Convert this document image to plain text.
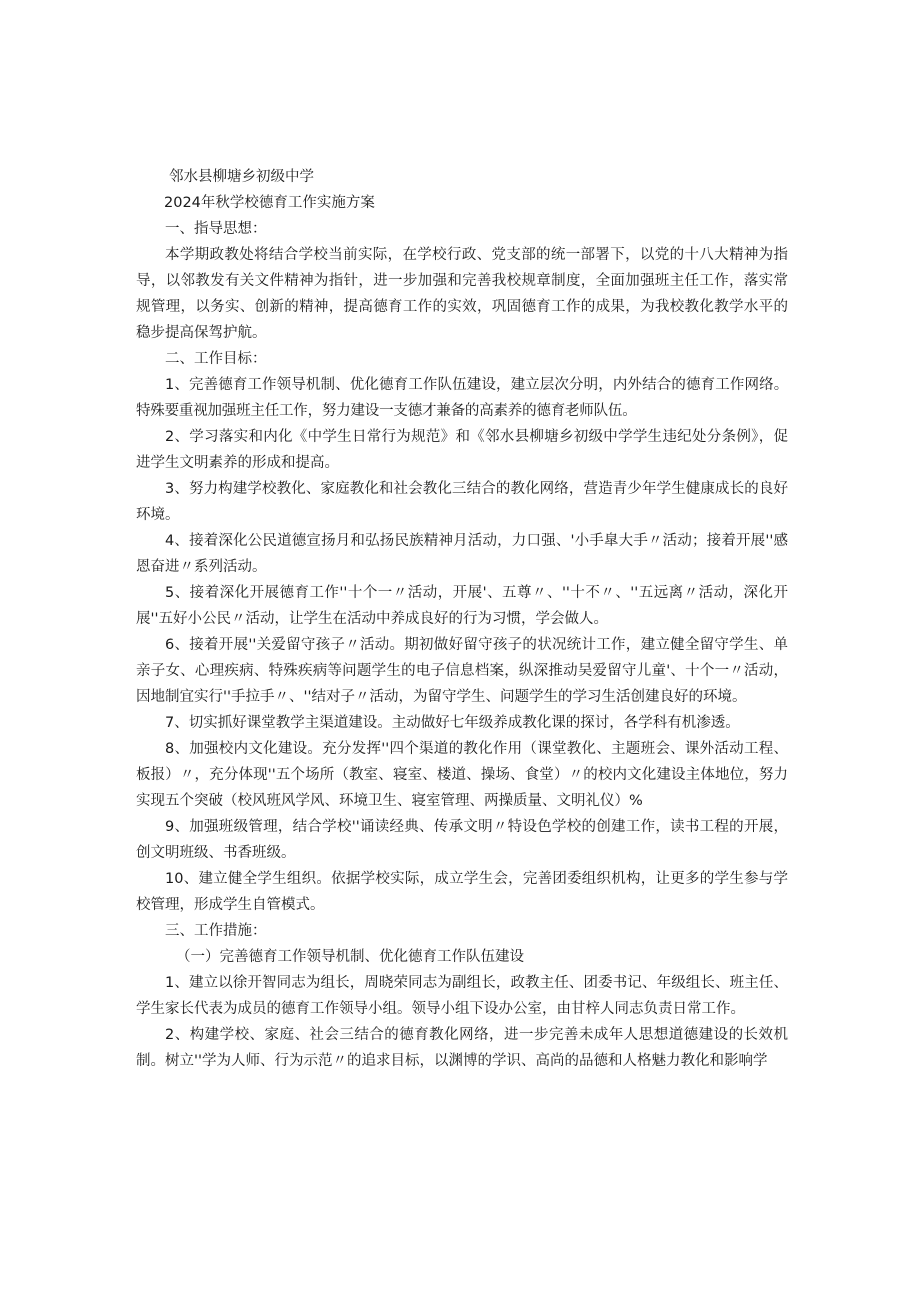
邻水县柳塘乡初级中学

2024年秋学校德育工作实施方案

一、指导思想：

本学期政教处将结合学校当前实际，在学校行政、党支部的统一部署下，以党的十八大精神为指导，以邻教发有关文件精神为指针，进一步加强和完善我校规章制度，全面加强班主任工作，落实常规管理，以务实、创新的精神，提高德育工作的实效，巩固德育工作的成果，为我校教化教学水平的稳步提高保驾护航。

二、工作目标：

1、完善德育工作领导机制、优化德育工作队伍建设，建立层次分明，内外结合的德育工作网络。特殊要重视加强班主任工作，努力建设一支德才兼备的高素养的德育老师队伍。

2、学习落实和内化《中学生日常行为规范》和《邻水县柳塘乡初级中学学生违纪处分条例》，促进学生文明素养的形成和提高。

3、努力构建学校教化、家庭教化和社会教化三结合的教化网络，营造青少年学生健康成长的良好环境。

4、接着深化公民道德宣扬月和弘扬民族精神月活动，力口强、'小手皐大手〃活动；接着开展''感恩奋进〃系列活动。

5、接着深化开展德育工作''十个一〃活动，开展'、五尊〃、''十不〃、''五远离〃活动，深化开展''五好小公民〃活动，让学生在活动中养成良好的行为习惯，学会做人。

6、接着开展''关爱留守孩子〃活动。期初做好留守孩子的状况统计工作，建立健全留守学生、单亲子女、心理疾病、特殊疾病等问题学生的电子信息档案，纵深推动吴爱留守儿童'、十个一〃活动，因地制宜实行''手拉手〃、''结对子〃活动，为留守学生、问题学生的学习生活创建良好的环境。

7、切实抓好课堂教学主渠道建设。主动做好七年级养成教化课的探讨，各学科有机渗透。

8、加强校内文化建设。充分发挥''四个渠道的教化作用（课堂教化、主题班会、课外活动工程、板报）〃，充分体现''五个场所（教室、寝室、楼道、操场、食堂）〃的校内文化建设主体地位，努力实现五个突破（校风班风学风、环境卫生、寝室管理、两操质量、文明礼仪）%

9、加强班级管理，结合学校''诵读经典、传承文明〃特设色学校的创建工作，读书工程的开展，创文明班级、书香班级。

10、建立健全学生组织。依据学校实际，成立学生会，完善团委组织机构，让更多的学生参与学校管理，形成学生自管模式。

三、工作措施：

（一）完善德育工作领导机制、优化德育工作队伍建设

1、建立以徐开智同志为组长，周晓荣同志为副组长，政教主任、团委书记、年级组长、班主任、学生家长代表为成员的德育工作领导小组。领导小组下设办公室，由甘梓人同志负责日常工作。

2、构建学校、家庭、社会三结合的德育教化网络，进一步完善未成年人思想道德建设的长效机制。树立''学为人师、行为示范〃的追求目标，以渊博的学识、高尚的品德和人格魅力教化和影响学
